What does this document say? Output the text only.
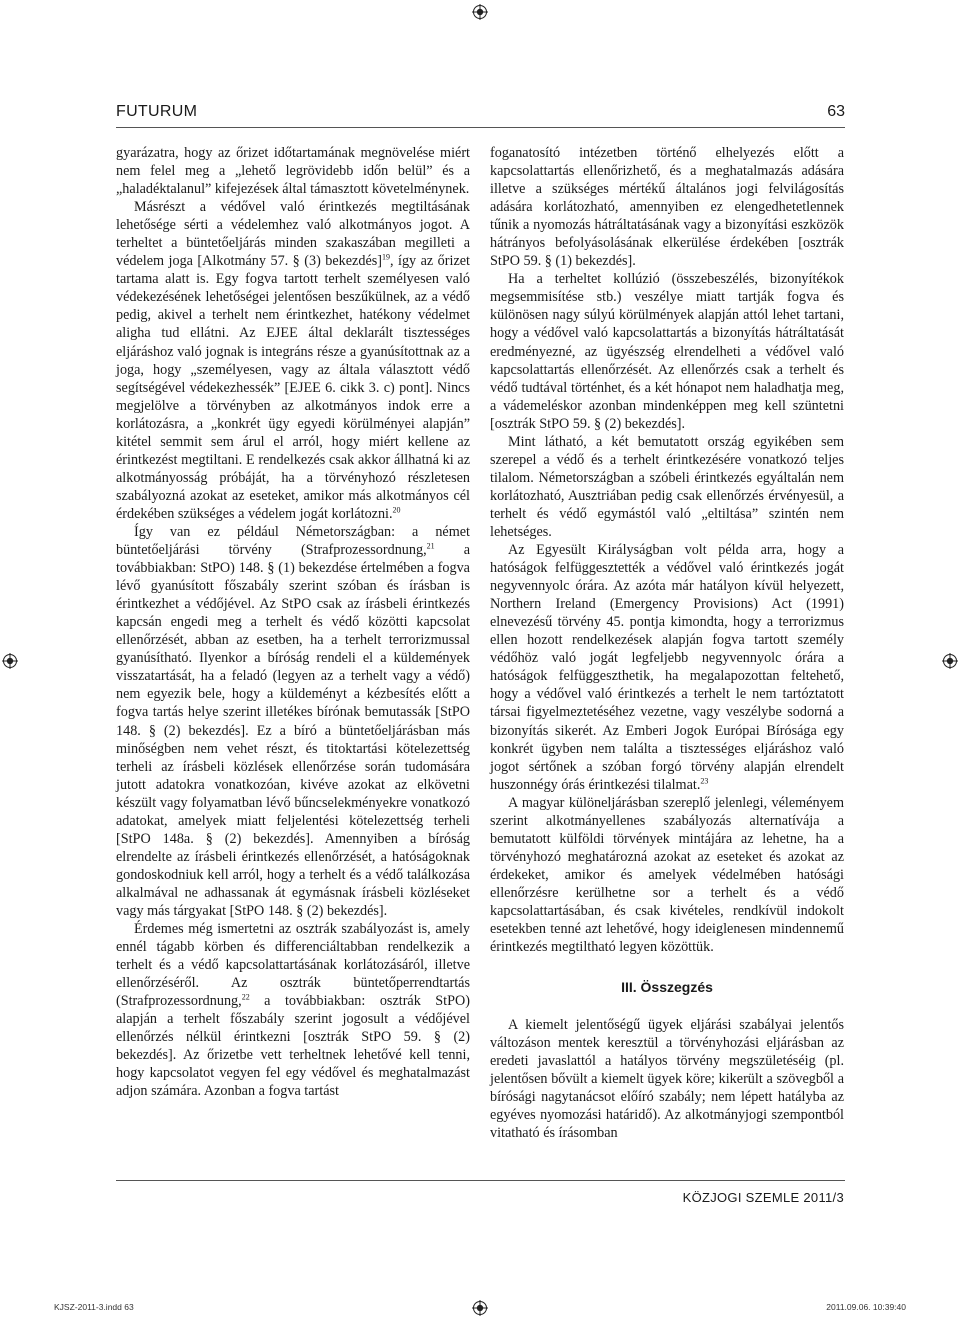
FUTURUM	63

gyarázatra, hogy az őrizet időtartamának megnövelése miért nem felel meg a „lehető legrövidebb időn belül” és a „haladéktalanul” kifejezések által támasztott követelménynek.

Másrészt a védővel való érintkezés megtiltásának lehetősége sérti a védelemhez való alkotmányos jogot. A terheltet a büntetőeljárás minden szakaszában megilleti a védelem joga [Alkotmány 57. § (3) bekezdés]$^{19}$, így az őrizet tartama alatt is. Egy fogva tartott terhelt személyesen való védekezésének lehetőségei jelentősen beszűkülnek, az a védő pedig, akivel a terhelt nem érintkezhet, hatékony védelmet aligha tud ellátni. Az EJEE által deklarált tisztességes eljáráshoz való jognak is integráns része a gyanúsítottnak az a joga, hogy „személyesen, vagy az általa választott védő segítségével védekezhessék” [EJEE 6. cikk 3. c) pont]. Nincs megjelölve a törvényben az alkotmányos indok erre a korlátozásra, a „konkrét ügy egyedi körülményei alapján” kitétel semmit sem árul el arról, hogy miért kellene az érintkezést megtiltani. E rendelkezés csak akkor állhatná ki az alkotmányosság próbáját, ha a törvényhozó részletesen szabályozná azokat az eseteket, amikor más alkotmányos cél érdekében szükséges a védelem jogát korlátozni.$^{20}$

Így van ez például Németországban: a német büntetőeljárási törvény (Strafprozessordnung,$^{21}$ a továbbiakban: StPO) 148. § (1) bekezdése értelmében a fogva lévő gyanúsított főszabály szerint szóban és írásban is érintkezhet a védőjével. Az StPO csak az írásbeli érintkezés kapcsán engedi meg a terhelt és védő közötti kapcsolat ellenőrzését, abban az esetben, ha a terhelt terrorizmussal gyanúsítható. Ilyenkor a bíróság rendeli el a küldemények visszatartását, ha a feladó (legyen az a terhelt vagy a védő) nem egyezik bele, hogy a küldeményt a kézbesítés előtt a fogva tartás helye szerint illetékes bírónak bemutassák [StPO 148. § (2) bekezdés]. Ez a bíró a büntetőeljárásban más minőségben nem vehet részt, és titoktartási kötelezettség terheli az írásbeli közlések ellenőrzése során tudomására jutott adatokra vonatkozóan, kivéve azokat az elkövetni készült vagy folyamatban lévő bűncselekményekre vonatkozó adatokat, amelyek miatt feljelentési kötelezettség terheli [StPO 148a. § (2) bekezdés]. Amennyiben a bíróság elrendelte az írásbeli érintkezés ellenőrzését, a hatóságoknak gondoskodniuk kell arról, hogy a terhelt és a védő találkozása alkalmával ne adhassanak át egymásnak írásbeli közléseket vagy más tárgyakat [StPO 148. § (2) bekezdés].

Érdemes még ismertetni az osztrák szabályozást is, amely ennél tágabb körben és differenciáltabban rendelkezik a terhelt és a védő kapcsolattartásának korlátozásáról, illetve ellenőrzéséről. Az osztrák büntetőperrendtartás (Strafprozessordnung,$^{22}$ a továbbiakban: osztrák StPO) alapján a terhelt főszabály szerint jogosult a védőjével ellenőrzés nélkül érintkezni [osztrák StPO 59. § (2) bekezdés]. Az őrizetbe vett terheltnek lehetővé kell tenni, hogy kapcsolatot vegyen fel egy védővel és meghatalmazást adjon számára. Azonban a fogva tartást

foganatosító intézetben történő elhelyezés előtt a kapcsolattartás ellenőrizhető, és a meghatalmazás adására illetve a szükséges mértékű általános jogi felvilágosítás adására korlátozható, amennyiben ez elengedhetetlennek tűnik a nyomozás hátráltatásának vagy a bizonyítási eszközök hátrányos befolyásolásának elkerülése érdekében [osztrák StPO 59. § (1) bekezdés].

Ha a terheltet kollúzió (összebeszélés, bizonyítékok megsemmisítése stb.) veszélye miatt tartják fogva és különösen nagy súlyú körülmények alapján attól lehet tartani, hogy a védővel való kapcsolattartás a bizonyítás hátráltatását eredményezné, az ügyészség elrendelheti a védővel való kapcsolattartás ellenőrzését. Az ellenőrzés csak a terhelt és védő tudtával történhet, és a két hónapot nem haladhatja meg, a vádemeléskor azonban mindenképpen meg kell szüntetni [osztrák StPO 59. § (2) bekezdés].

Mint látható, a két bemutatott ország egyikében sem szerepel a védő és a terhelt érintkezésére vonatkozó teljes tilalom. Németországban a szóbeli érintkezés egyáltalán nem korlátozható, Ausztriában pedig csak ellenőrzés érvényesül, a terhelt és védő egymástól való „eltiltása” szintén nem lehetséges.

Az Egyesült Királyságban volt példa arra, hogy a hatóságok felfüggesztették a védővel való érintkezés jogát negyvennyolc órára. Az azóta már hatályon kívül helyezett, Northern Ireland (Emergency Provisions) Act (1991) elnevezésű törvény 45. pontja kimondta, hogy a terrorizmus ellen hozott rendelkezések alapján fogva tartott személy védőhöz való jogát legfeljebb negyvennyolc órára a hatóságok felfüggeszthetik, ha megalapozottan feltehető, hogy a védővel való érintkezés a terhelt le nem tartóztatott társai figyelmeztetéséhez vezetne, vagy veszélybe sodorná a bizonyítás sikerét. Az Emberi Jogok Európai Bírósága egy konkrét ügyben nem találta a tisztességes eljáráshoz való jogot sértőnek a szóban forgó törvény alapján elrendelt huszonnégy órás érintkezési tilalmat.$^{23}$

A magyar különeljárásban szereplő jelenlegi, véleményem szerint alkotmányellenes szabályozás alternatívája a bemutatott külföldi törvények mintájára az lehetne, ha a törvényhozó meghatározná azokat az eseteket és azokat az érdekeket, amikor és amelyek védelmében hatósági ellenőrzésre kerülhetne sor a terhelt és a védő kapcsolattartásában, és csak kivételes, rendkívül indokolt esetekben tenné azt lehetővé, hogy ideiglenesen mindennemű érintkezés megtiltható legyen közöttük.

III. Összegzés

A kiemelt jelentőségű ügyek eljárási szabályai jelentős változáson mentek keresztül a törvényhozási eljárásban az eredeti javaslattól a hatályos törvény megszületéséig (pl. jelentősen bővült a kiemelt ügyek köre; kikerült a szövegből a bírósági nagytanácsot előíró szabály; nem lépett hatályba az egyéves nyomozási határidő). Az alkotmányjogi szempontból vitatható és írásomban

KÖZJOGI SZEMLE 2011/3
KJSZ-2011-3.indd 63	2011.09.06. 10:39:40
